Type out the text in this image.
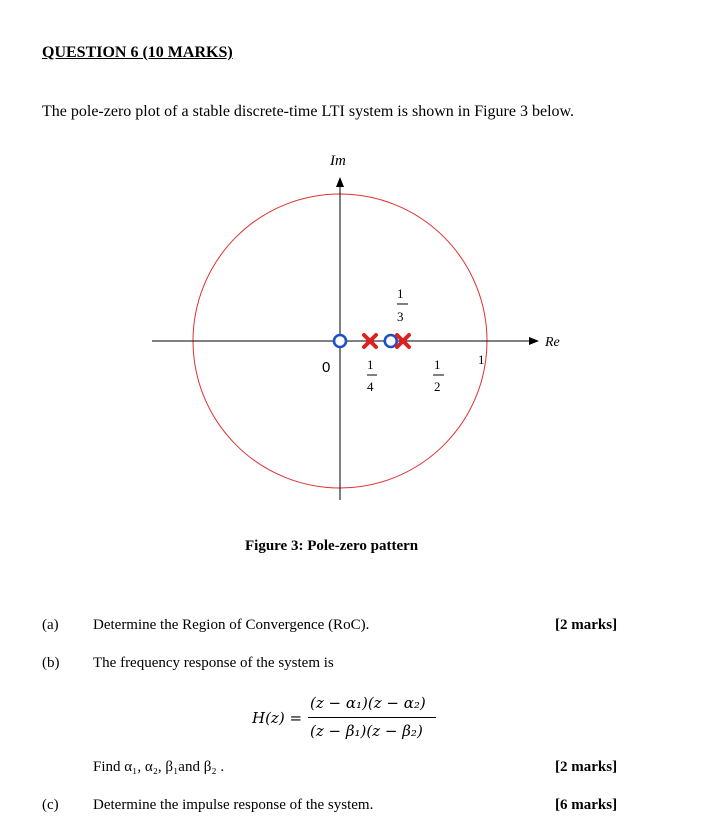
QUESTION 6 (10 MARKS)
The pole-zero plot of a stable discrete-time LTI system is shown in Figure 3 below.
Im
Re
0	1
1
4
1
3
1
2
Figure 3: Pole-zero pattern
(a) Determine the Region of Convergence (RoC).	[2 marks]
(b) The frequency response of the system is
H(z) =
(z − α₁)(z − α₂)
(z − β₁)(z − β₂)
Find α₁, α₂, β₁and β₂ .	[2 marks]
(c) Determine the impulse response of the system.	[6 marks]
